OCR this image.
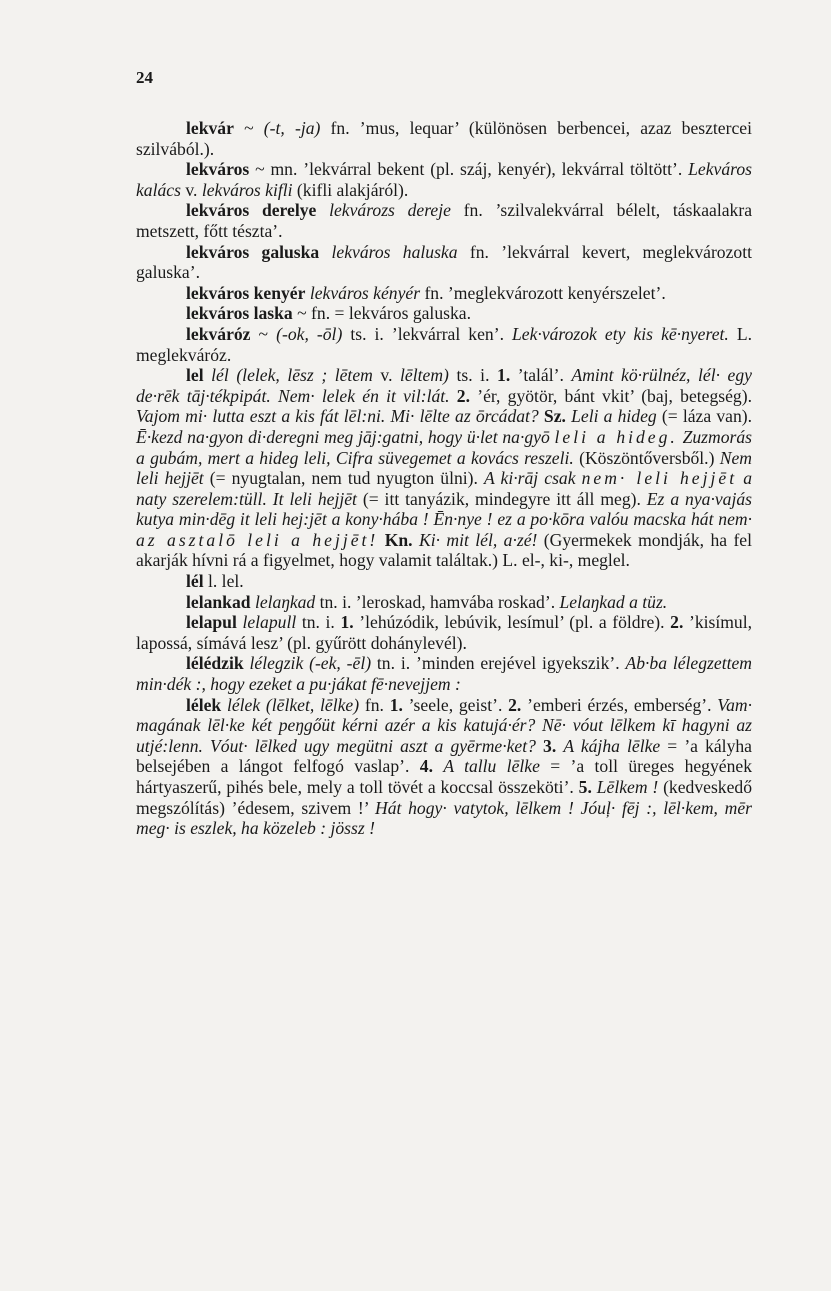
24

lekvár ~ (-t, -ja) fn. ’mus, lequar’ (különösen berbencei, azaz besztercei szilvából.).

lekváros ~ mn. ’lekvárral bekent (pl. száj, kenyér), lekvárral töltött’. Lekváros kalács v. lekváros kifli (kifli alakjáról).

lekváros derelye lekvározs dereje fn. ’szilvalekvárral bélelt, táskaalakra metszett, főtt tészta’.

lekváros galuska lekváros haluska fn. ’lekvárral kevert, meglekvározott galuska’.

lekváros kenyér lekváros kényér fn. ’meglekvározott kenyérszelet’.

lekváros laska ~ fn. = lekváros galuska.

lekváróz ~ (-ok, -ōl) ts. i. ’lekvárral ken’. Lek·vározok ety kis kē·nyeret. L. meglekváróz.

lel lél (lelek, lēsz ; lētem v. lēltem) ts. i. 1. ’talál’. Amint kö·rülnéz, lél· egy de·rēk tāj·tékpipát. Nem· lelek én it vil:lát. 2. ’ér, gyötör, bánt vkit’ (baj, betegség). Vajom mi· lutta eszt a kis fát lēl:ni. Mi· lēlte az ōrcádat? Sz. Leli a hideg (= láza van). Ē·kezd na·gyon di·deregni meg jāj:gatni, hogy ü·let na·gyō leli a hideg. Zuzmorás a gubám, mert a hideg leli, Cifra süvegemet a kovács reszeli. (Köszöntőversből.) Nem leli hejjēt (= nyugtalan, nem tud nyugton ülni). A ki·rāj csak nem· leli hejjēt a naty szerelem:tüll. It leli hejjēt (= itt tanyázik, mindegyre itt áll meg). Ez a nya·vajás kutya min·dēg it leli hej:jēt a kony·hába ! Ēn·nye ! ez a po·kōra valóu macska hát nem· az asztalō leli a hejjēt! Kn. Ki· mit lél, a·zé! (Gyermekek mondják, ha fel akarják hívni rá a figyelmet, hogy valamit találtak.) L. el-, ki-, meglel.

lél l. lel.

lelankad lelaŋkad tn. i. ’leroskad, hamvába roskad’. Lelaŋkad a tüz.

lelapul lelapull tn. i. 1. ’lehúzódik, lebúvik, lesímul’ (pl. a földre). 2. ’kisímul, lapossá, símává lesz’ (pl. gyűrött dohánylevél).

lélédzik lélegzik (-ek, -ēl) tn. i. ’minden erejével igyekszik’. Ab·ba lélegzettem min·dék :, hogy ezeket a pu·jákat fē·nevejjem :

lélek lélek (lēlket, lēlke) fn. 1. ’seele, geist’. 2. ’emberi érzés, emberség’. Vam· magának lēl·ke két peŋgőüt kérni azér a kis katujá·ér? Nē· vóut lēlkem kī hagyni az utjé:lenn. Vóut· lēlked ugy megütni aszt a gyērme·ket? 3. A kájha lēlke = ’a kályha belsejében a lángot felfogó vaslap’. 4. A tallu lēlke = ’a toll üreges hegyének hártyaszerű, pihés bele, mely a toll tövét a koccsal összeköti’. 5. Lēlkem ! (kedveskedő megszólítás) ’édesem, szivem !’ Hát hogy· vatytok, lēlkem ! Jóuļ· fēj :, lēl·kem, mēr meg· is eszlek, ha közeleb : jössz !
